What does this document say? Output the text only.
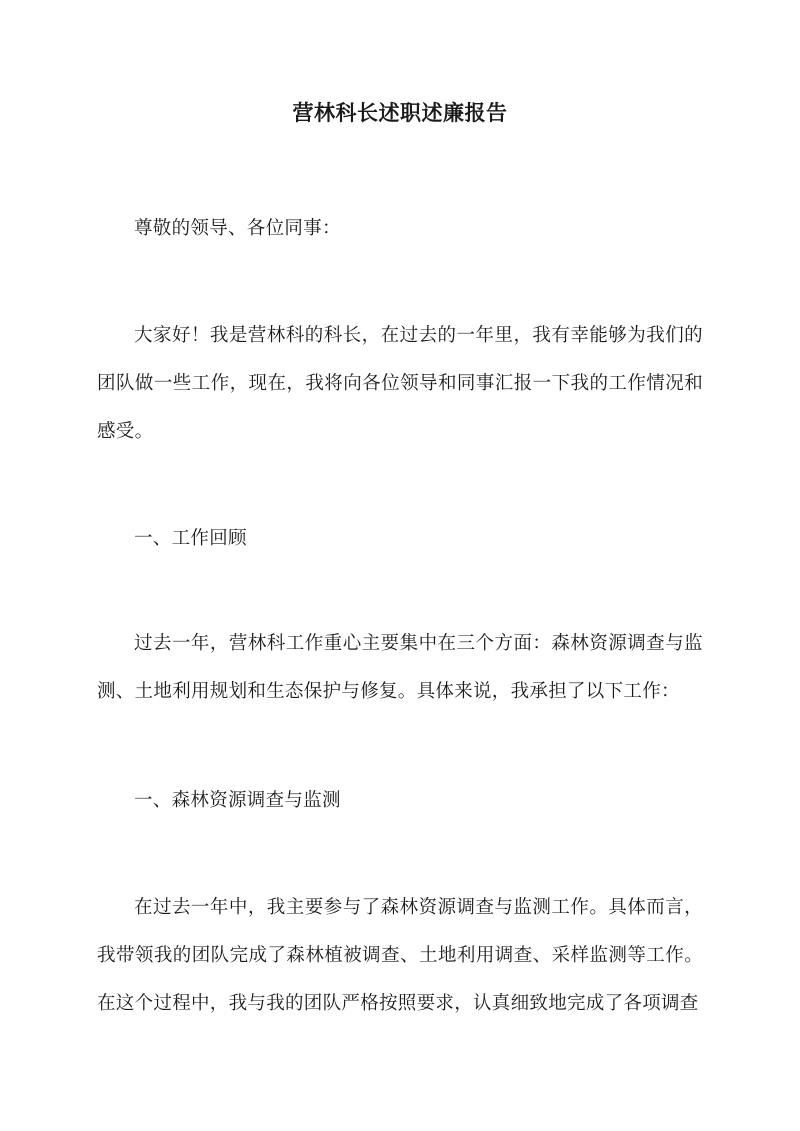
营林科长述职述廉报告

尊敬的领导、各位同事：

大家好！我是营林科的科长，在过去的一年里，我有幸能够为我们的团队做一些工作，现在，我将向各位领导和同事汇报一下我的工作情况和感受。

一、工作回顾

过去一年，营林科工作重心主要集中在三个方面：森林资源调查与监测、土地利用规划和生态保护与修复。具体来说，我承担了以下工作：

一、森林资源调查与监测

在过去一年中，我主要参与了森林资源调查与监测工作。具体而言，我带领我的团队完成了森林植被调查、土地利用调查、采样监测等工作。在这个过程中，我与我的团队严格按照要求，认真细致地完成了各项调查
